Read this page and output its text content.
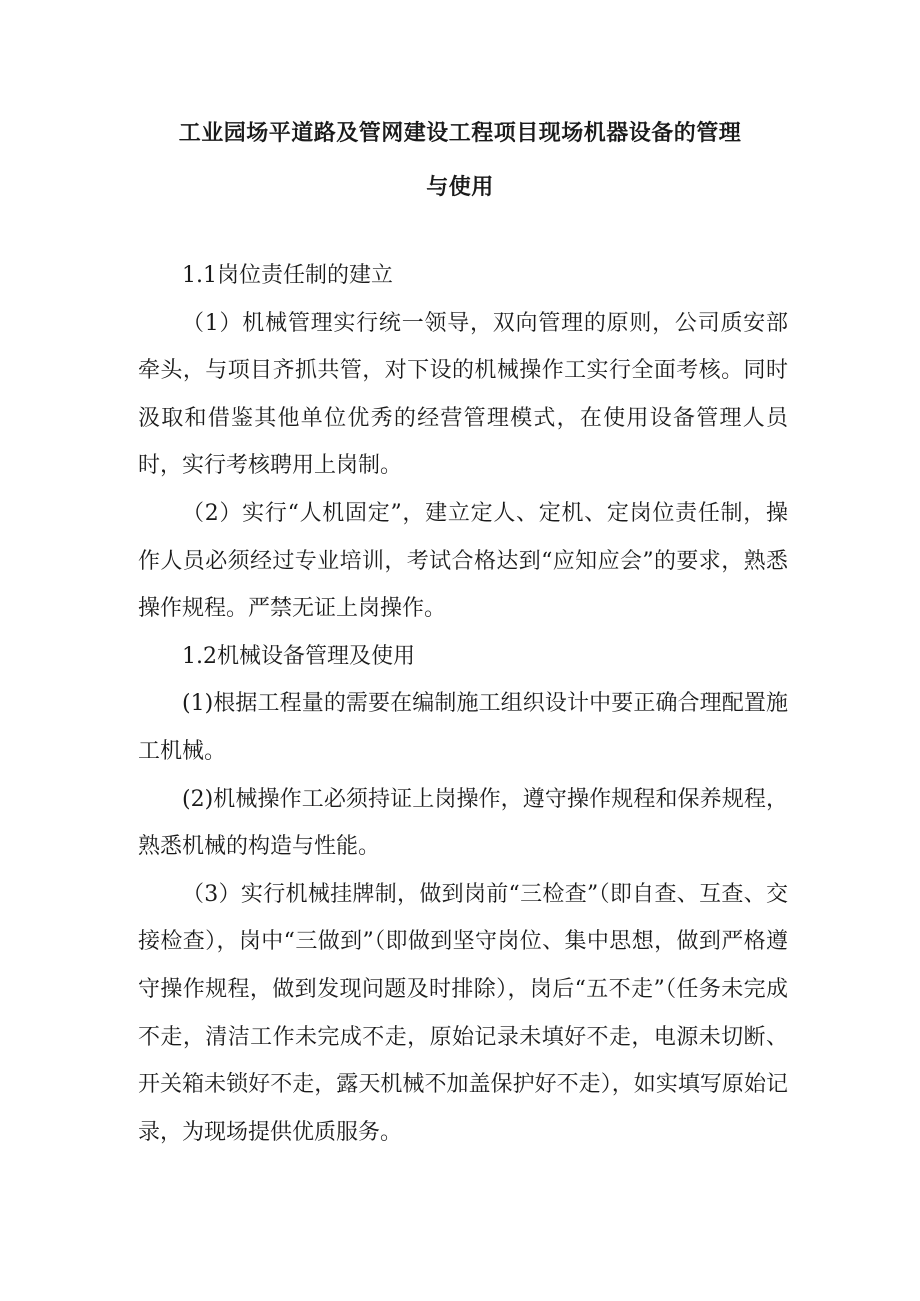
工业园场平道路及管网建设工程项目现场机器设备的管理
与使用

1.1岗位责任制的建立

（1）机械管理实行统一领导，双向管理的原则，公司质安部牵头，与项目齐抓共管，对下设的机械操作工实行全面考核。同时汲取和借鉴其他单位优秀的经营管理模式，在使用设备管理人员时，实行考核聘用上岗制。

（2）实行“人机固定”，建立定人、定机、定岗位责任制，操作人员必须经过专业培训，考试合格达到“应知应会”的要求，熟悉操作规程。严禁无证上岗操作。

1.2机械设备管理及使用

(1)根据工程量的需要在编制施工组织设计中要正确合理配置施工机械。

(2)机械操作工必须持证上岗操作，遵守操作规程和保养规程，熟悉机械的构造与性能。

（3）实行机械挂牌制，做到岗前“三检查”（即自查、互查、交接检查），岗中“三做到”（即做到坚守岗位、集中思想，做到严格遵守操作规程，做到发现问题及时排除），岗后“五不走”（任务未完成不走，清洁工作未完成不走，原始记录未填好不走，电源未切断、开关箱未锁好不走，露天机械不加盖保护好不走），如实填写原始记录，为现场提供优质服务。
